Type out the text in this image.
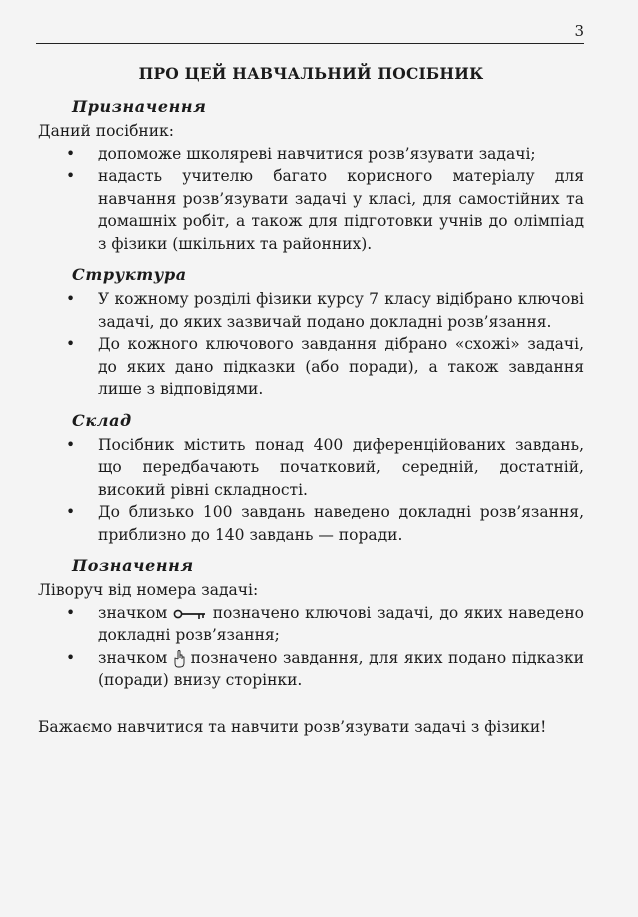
3
ПРО ЦЕЙ НАВЧАЛЬНИЙ ПОСІБНИК
Призначення

Даний посібник:

• допоможе школяреві навчитися розв’язувати задачі;
• надасть учителю багато корисного матеріалу для навчання розв’язувати задачі у класі, для самостійних та домашніх робіт, а також для підготовки учнів до олімпіад з фізики (шкільних та районних).
Структура
• У кожному розділі фізики курсу 7 класу відібрано ключові задачі, до яких зазвичай подано докладні розв’язання.
• До кожного ключового завдання дібрано «схожі» задачі, до яких дано підказки (або поради), а також завдання лише з відповідями.
Склад
• Посібник містить понад 400 диференційованих завдань, що передбачають початковий, середній, достатній, високий рівні складності.
• До близько 100 завдань наведено докладні розв’язання, приблизно до 140 завдань — поради.
Позначення

Ліворуч від номера задачі:

• значком	позначено ключові задачі, до яких наведено докладні розв’язання;
• значком позначено завдання, для яких подано підказки (поради) внизу сторінки.
Бажаємо навчитися та навчити розв’язувати задачі з фізики!
